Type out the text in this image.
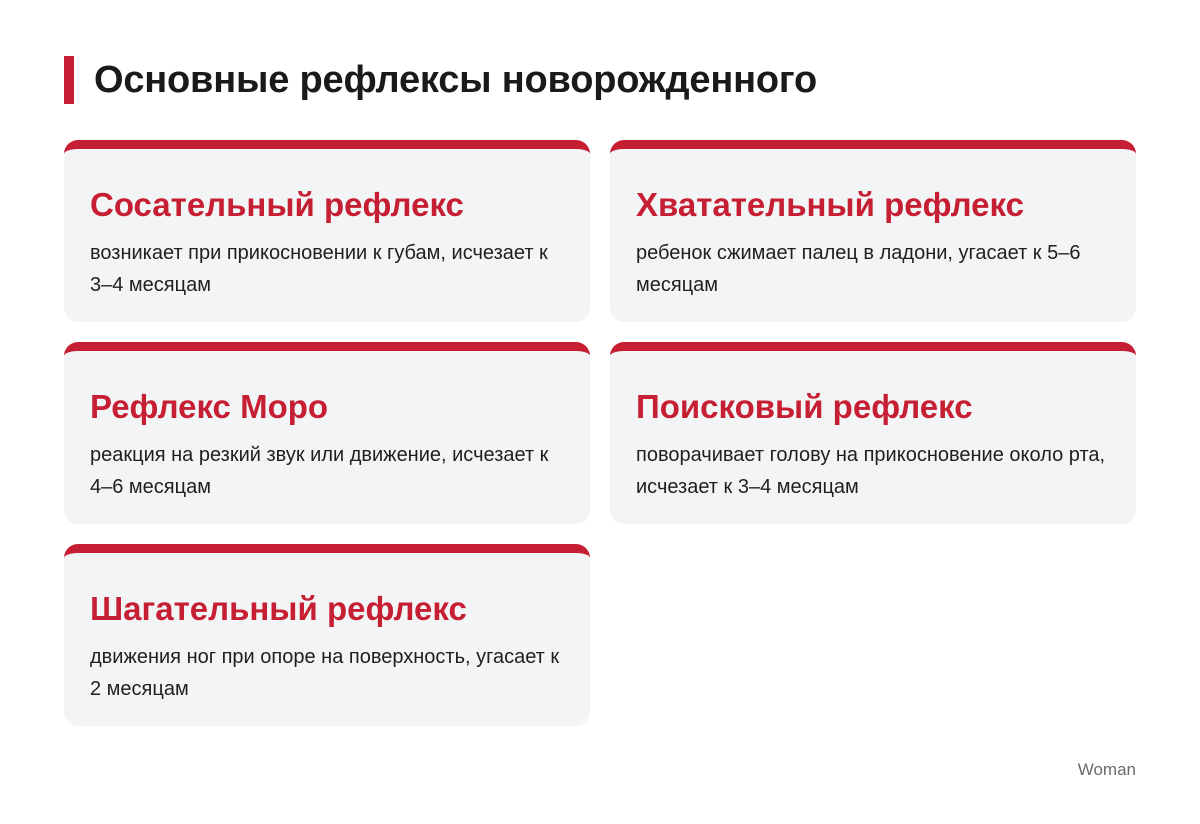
Основные рефлексы новорожденного
Сосательный рефлекс

возникает при прикосновении к губам, исчезает к 3–4 месяцам

Хватательный рефлекс

ребенок сжимает палец в ладони, угасает к 5–6 месяцам

Рефлекс Моро

реакция на резкий звук или движение, исчезает к 4–6 месяцам

Поисковый рефлекс

поворачивает голову на прикосновение около рта, исчезает к 3–4 месяцам

Шагательный рефлекс

движения ног при опоре на поверхность, угасает к 2 месяцам

Woman
